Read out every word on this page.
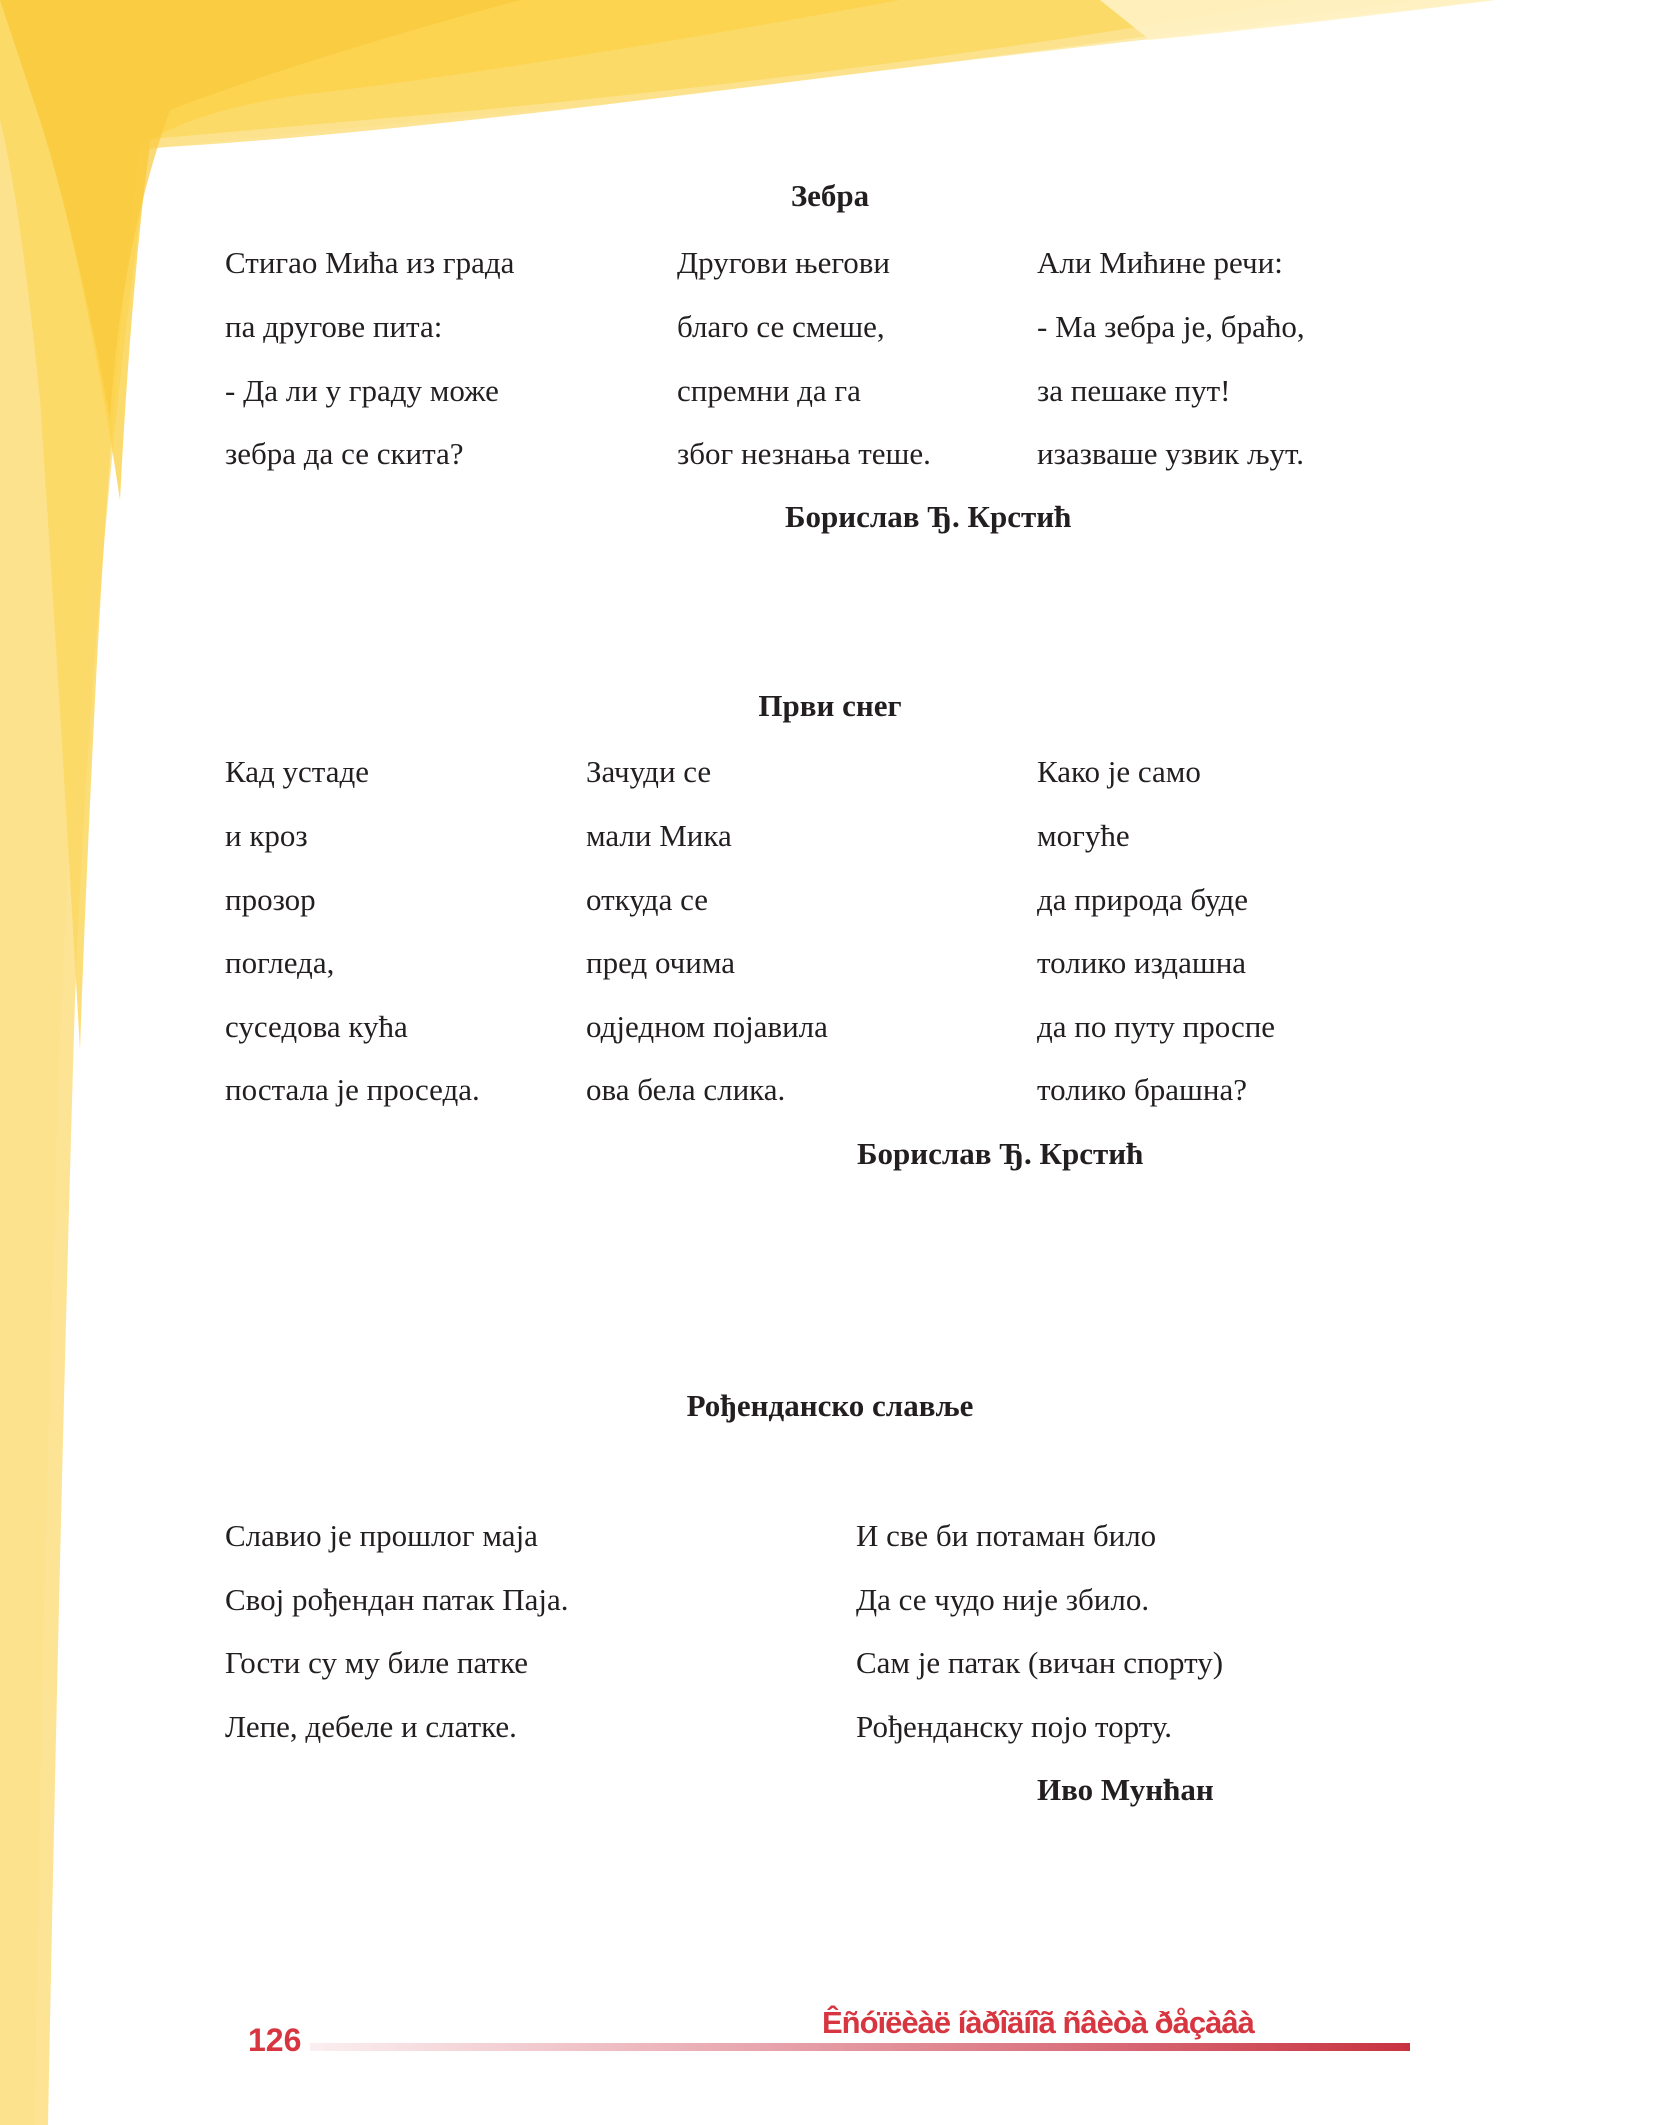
Зебра
Стигао Мића из града
па другове пита:
- Да ли у граду може
зебра да се скита?
Другови његови
благо се смеше,
спремни да га
због незнања теше.
Али Мићине речи:
- Ма зебра је, браћо,
за пешаке пут!
изазваше узвик љут.
Борислав Ђ. Крстић
Први снег
Кад устаде
и кроз
прозор
погледа,
суседова кућа
постала је проседа.
Зачуди се
мали Мика
откуда се
пред очима
одједном појавила
ова бела слика.
Како је само
могуће
да природа буде
толико издашна
да по путу проспе
толико брашна?
Борислав Ђ. Крстић
Рођенданско славље
Славио је прошлог маја
Свој рођендан патак Паја.
Гости су му биле патке
Лепе, дебеле и слатке.
И све би потаман било
Да се чудо није збило.
Сам је патак (вичан спорту)
Рођенданску појо торту.
Иво Мунћан
126	Êñóïëèàë íàðîäíîã ñâèòà ðåçàâà
